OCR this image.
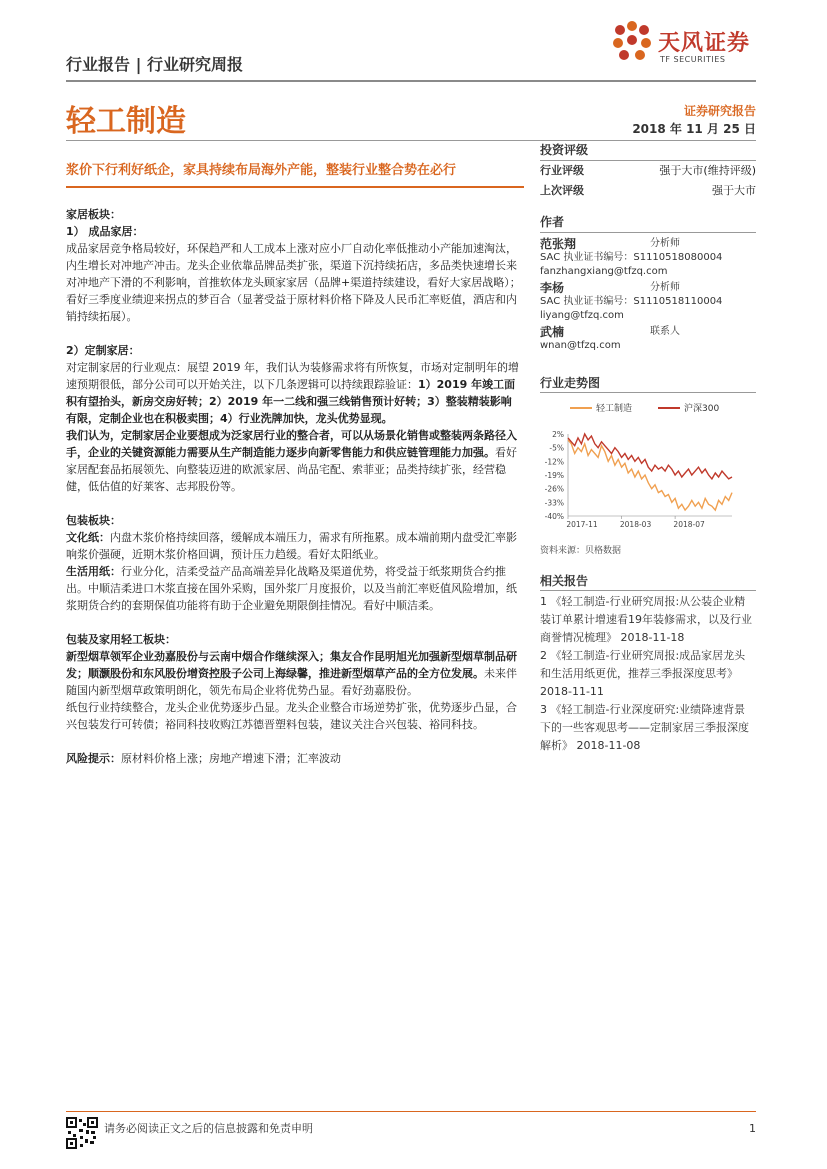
行业报告 | 行业研究周报
天风证券
TF SECURITIES
轻工制造	证券研究报告
2018 年 11 月 25 日
浆价下行利好纸企，家具持续布局海外产能，整装行业整合势在必行

家居板块：

1） 成品家居：

成品家居竞争格局较好，环保趋严和人工成本上涨对应小厂自动化率低推动小产能加速淘汰，内生增长对冲地产冲击。龙头企业依靠品牌品类扩张，渠道下沉持续拓店，多品类快速增长来对冲地产下滑的不利影响，首推软体龙头顾家家居（品牌+渠道持续建设，看好大家居战略）；看好三季度业绩迎来拐点的梦百合（显著受益于原材料价格下降及人民币汇率贬值，酒店和内销持续拓展）。

2）定制家居：

对定制家居的行业观点：展望 2019 年，我们认为装修需求将有所恢复，市场对定制明年的增速预期很低，部分公司可以开始关注，以下几条逻辑可以持续跟踪验证：1）2019 年竣工面积有望抬头，新房交房好转；2）2019 年一二线和强三线销售预计好转；3）整装精装影响有限，定制企业也在积极卖围；4）行业洗牌加快，龙头优势显现。

我们认为，定制家居企业要想成为泛家居行业的整合者，可以从场景化销售或整装两条路径入手，企业的关键资源能力需要从生产制造能力逐步向新零售能力和供应链管理能力加强。看好家居配套品拓展领先、向整装迈进的欧派家居、尚品宅配、索菲亚；品类持续扩张，经营稳健，低估值的好莱客、志邦股份等。

包装板块：

文化纸：内盘木浆价格持续回落，缓解成本端压力，需求有所拖累。成本端前期内盘受汇率影响浆价强硬，近期木浆价格回调，预计压力趋缓。看好太阳纸业。

生活用纸：行业分化，洁柔受益产品高端差异化战略及渠道优势，将受益于纸浆期货合约推出。中顺洁柔进口木浆直接在国外采购，国外浆厂月度报价，以及当前汇率贬值风险增加，纸浆期货合约的套期保值功能将有助于企业避免期限倒挂情况。看好中顺洁柔。

包装及家用轻工板块：

新型烟草领军企业劲嘉股份与云南中烟合作继续深入；集友合作昆明旭光加强新型烟草制品研发；顺灏股份和东风股份增资控股子公司上海绿馨，推进新型烟草产品的全方位发展。未来伴随国内新型烟草政策明朗化，领先布局企业将优势凸显。看好劲嘉股份。

纸包行业持续整合，龙头企业优势逐步凸显。龙头企业整合市场逆势扩张，优势逐步凸显，合兴包装发行可转债；裕同科技收购江苏德晋塑料包装，建议关注合兴包装、裕同科技。

风险提示：原材料价格上涨；房地产增速下滑；汇率波动

投资评级
行业评级	强于大市(维持评级)
上次评级	强于大市
作者
范张翔	分析师
SAC 执业证书编号：S1110518080004
fanzhangxiang@tfzq.com
李杨	分析师
SAC 执业证书编号：S1110518110004
liyang@tfzq.com
武楠	联系人
wnan@tfzq.com
行业走势图
轻工制造	沪深300
2%
-5%
-12%
-19%
-26%
-33%
-40%
2017-11	2018-03	2018-07
资料来源：贝格数据
相关报告

1 《轻工制造-行业研究周报:从公装企业精装订单累计增速看19年装修需求，以及行业商誉情况梳理》 2018-11-18

2 《轻工制造-行业研究周报:成品家居龙头和生活用纸更优，推荐三季报深度思考》 2018-11-11

3 《轻工制造-行业深度研究:业绩降速背景下的一些客观思考——定制家居三季报深度解析》 2018-11-08

请务必阅读正文之后的信息披露和免责申明	1
